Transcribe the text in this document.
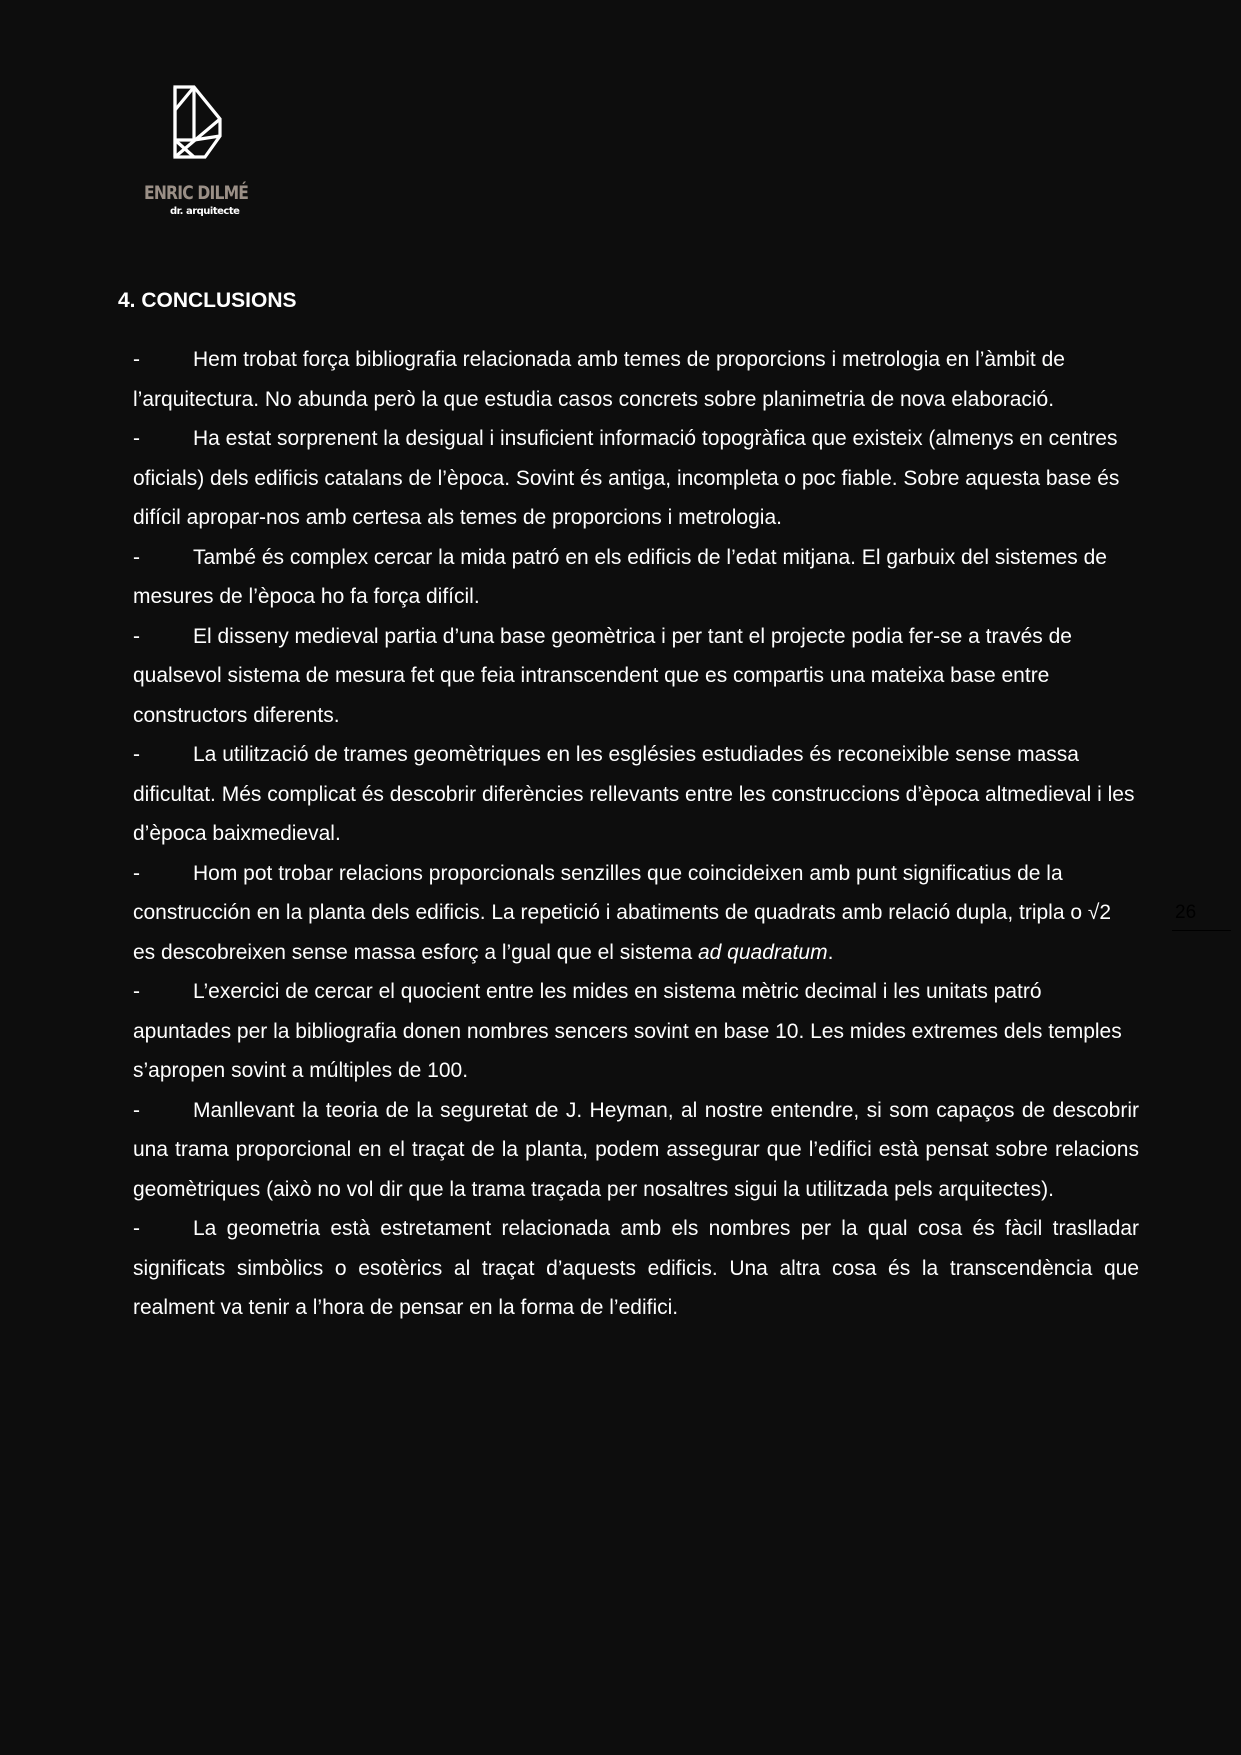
ENRIC DILMÉ
dr. arquitecte
4. CONCLUSIONS

-	Hem trobat força bibliografia relacionada amb temes de proporcions i metrologia en l’àmbit de l’arquitectura. No abunda però la que estudia casos concrets sobre planimetria de nova elaboració.

-	Ha estat sorprenent la desigual i insuficient informació topogràfica que existeix (almenys en centres oficials) dels edificis catalans de l’època. Sovint és antiga, incompleta o poc fiable. Sobre aquesta base és difícil apropar-nos amb certesa als temes de proporcions i metrologia.

-	També és complex cercar la mida patró en els edificis de l’edat mitjana. El garbuix del sistemes de mesures de l’època ho fa força difícil.

-	El disseny medieval partia d’una base geomètrica i per tant el projecte podia fer-se a través de qualsevol sistema de mesura fet que feia intranscendent que es compartis una mateixa base entre constructors diferents.

-	La utilització de trames geomètriques en les esglésies estudiades és reconeixible sense massa dificultat. Més complicat és descobrir diferències rellevants entre les construccions d’època altmedieval i les d’època baixmedieval.

-	Hom pot trobar relacions proporcionals senzilles que coincideixen amb punt significatius de la construcción en la planta dels edificis. La repetició i abatiments de quadrats amb relació dupla, tripla o √2 es descobreixen sense massa esforç a l’gual que el sistema ad quadratum.

-	L’exercici de cercar el quocient entre les mides en sistema mètric decimal i les unitats patró apuntades per la bibliografia donen nombres sencers sovint en base 10. Les mides extremes dels temples s’apropen sovint a múltiples de 100.

-	Manllevant la teoria de la seguretat de J. Heyman, al nostre entendre, si som capaços de descobrir una trama proporcional en el traçat de la planta, podem assegurar que l’edifici està pensat sobre relacions geomètriques (això no vol dir que la trama traçada per nosaltres sigui la utilitzada pels arquitectes).

-	La geometria està estretament relacionada amb els nombres per la qual cosa és fàcil traslladar significats simbòlics o esotèrics al traçat d’aquests edificis. Una altra cosa és la transcendència que realment va tenir a l’hora de pensar en la forma de l’edifici.

26
